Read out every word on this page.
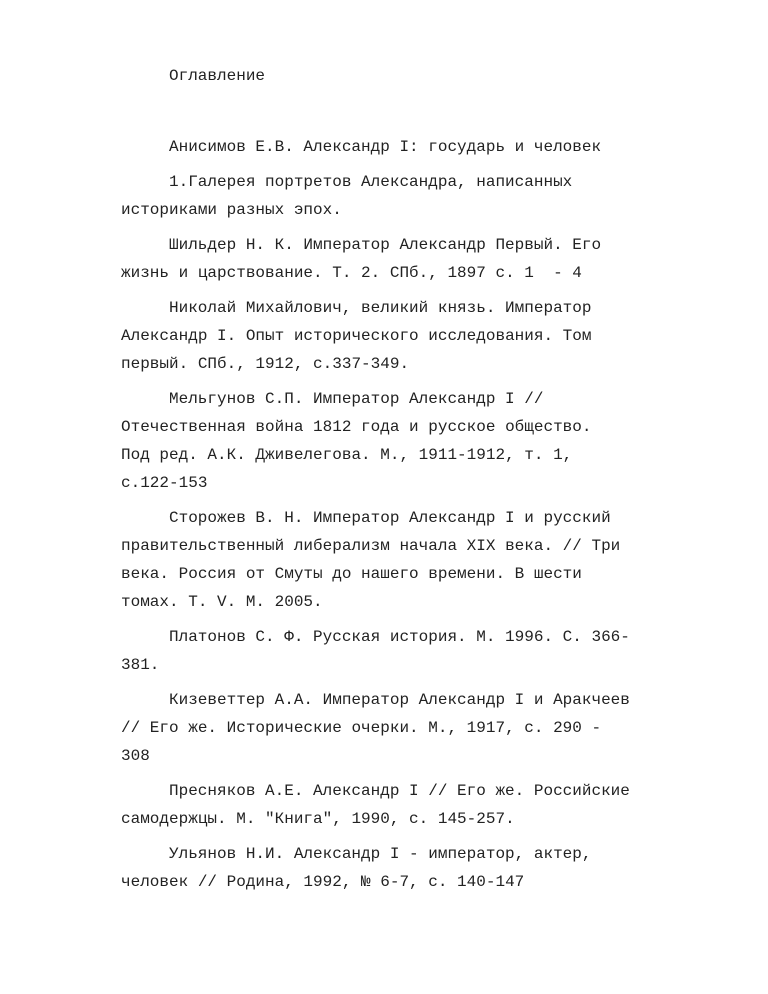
Оглавление

Анисимов Е.В. Александр I: государь и человек

1.Галерея портретов Александра, написанных
историками разных эпох.

Шильдер Н. К. Император Александр Первый. Его
жизнь и царствование. Т. 2. СПб., 1897 с. 1  - 4

Николай Михайлович, великий князь. Император
Александр I. Опыт исторического исследования. Том
первый. СПб., 1912, с.337-349.

Мельгунов С.П. Император Александр I //
Отечественная война 1812 года и русское общество.
Под ред. А.К. Дживелегова. М., 1911-1912, т. 1,
с.122-153

Сторожев В. Н. Император Александр I и русский
правительственный либерализм начала XIX века. // Три
века. Россия от Смуты до нашего времени. В шести
томах. Т. V. М. 2005.

Платонов С. Ф. Русская история. М. 1996. С. 366-
381.

Кизеветтер А.А. Император Александр I и Аракчеев
// Его же. Исторические очерки. М., 1917, с. 290 -
308

Пресняков А.Е. Александр I // Его же. Российские
самодержцы. М. "Книга", 1990, с. 145-257.

Ульянов Н.И. Александр I - император, актер,
человек // Родина, 1992, № 6-7, с. 140-147
